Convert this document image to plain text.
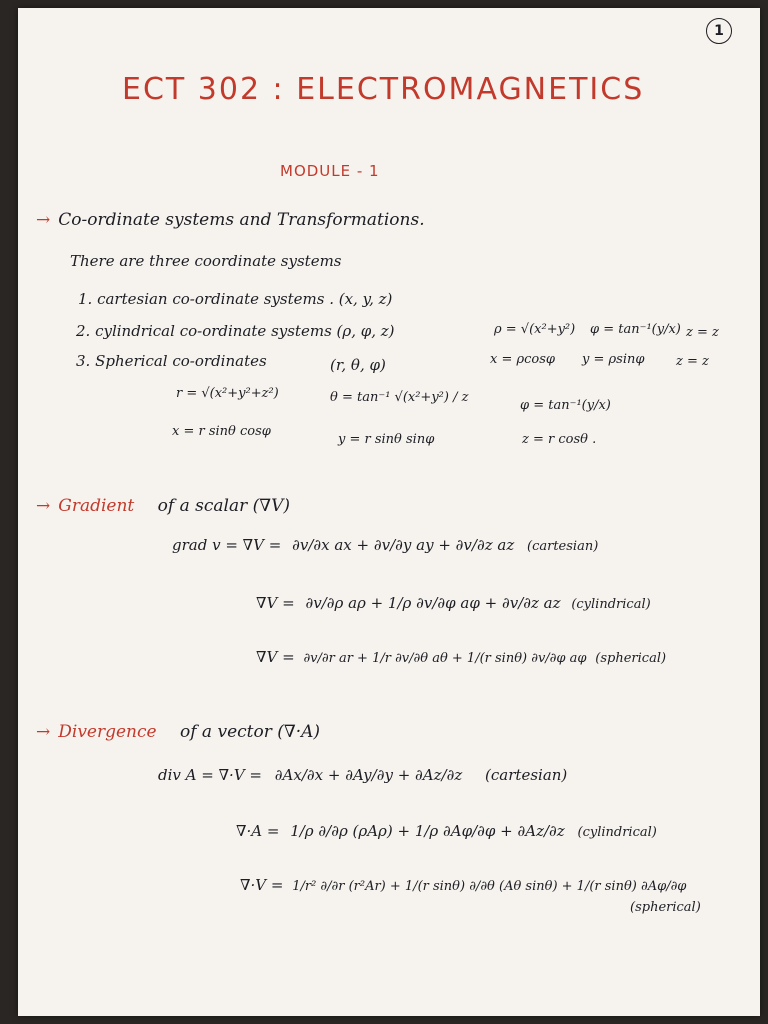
1
ECT 302 : ELECTROMAGNETICS
MODULE - 1
→ Co-ordinate systems and Transformations.
There are three coordinate systems
1. cartesian co-ordinate systems . (x, y, z)
2. cylindrical co-ordinate systems (ρ, φ, z)	ρ = √(x²+y²) φ = tan⁻¹(y/x) z = z
x = ρcosφ y = ρsinφ z = z
3. Spherical co-ordinates	(r, θ, φ)
r = √(x²+y²+z²)	θ = tan⁻¹ √(x²+y²) / z
φ = tan⁻¹(y/x)
x = r sinθ cosφ
y = r sinθ sinφ	z = r cosθ .
→ Gradient of a scalar (∇V)
grad v = ∇V = ∂v/∂x ax + ∂v/∂y ay + ∂v/∂z az (cartesian)
∇V = ∂v/∂ρ aρ + 1/ρ ∂v/∂φ aφ + ∂v/∂z az (cylindrical)
∇V = ∂v/∂r ar + 1/r ∂v/∂θ aθ + 1/(r sinθ) ∂v/∂φ aφ (spherical)
→ Divergence of a vector (∇·A)
div A = ∇·V = ∂Ax/∂x + ∂Ay/∂y + ∂Az/∂z (cartesian)
∇·A = 1/ρ ∂/∂ρ (ρAρ) + 1/ρ ∂Aφ/∂φ + ∂Az/∂z (cylindrical)
∇·V = 1/r² ∂/∂r (r²Ar) + 1/(r sinθ) ∂/∂θ (Aθ sinθ) + 1/(r sinθ) ∂Aφ/∂φ
(spherical)
